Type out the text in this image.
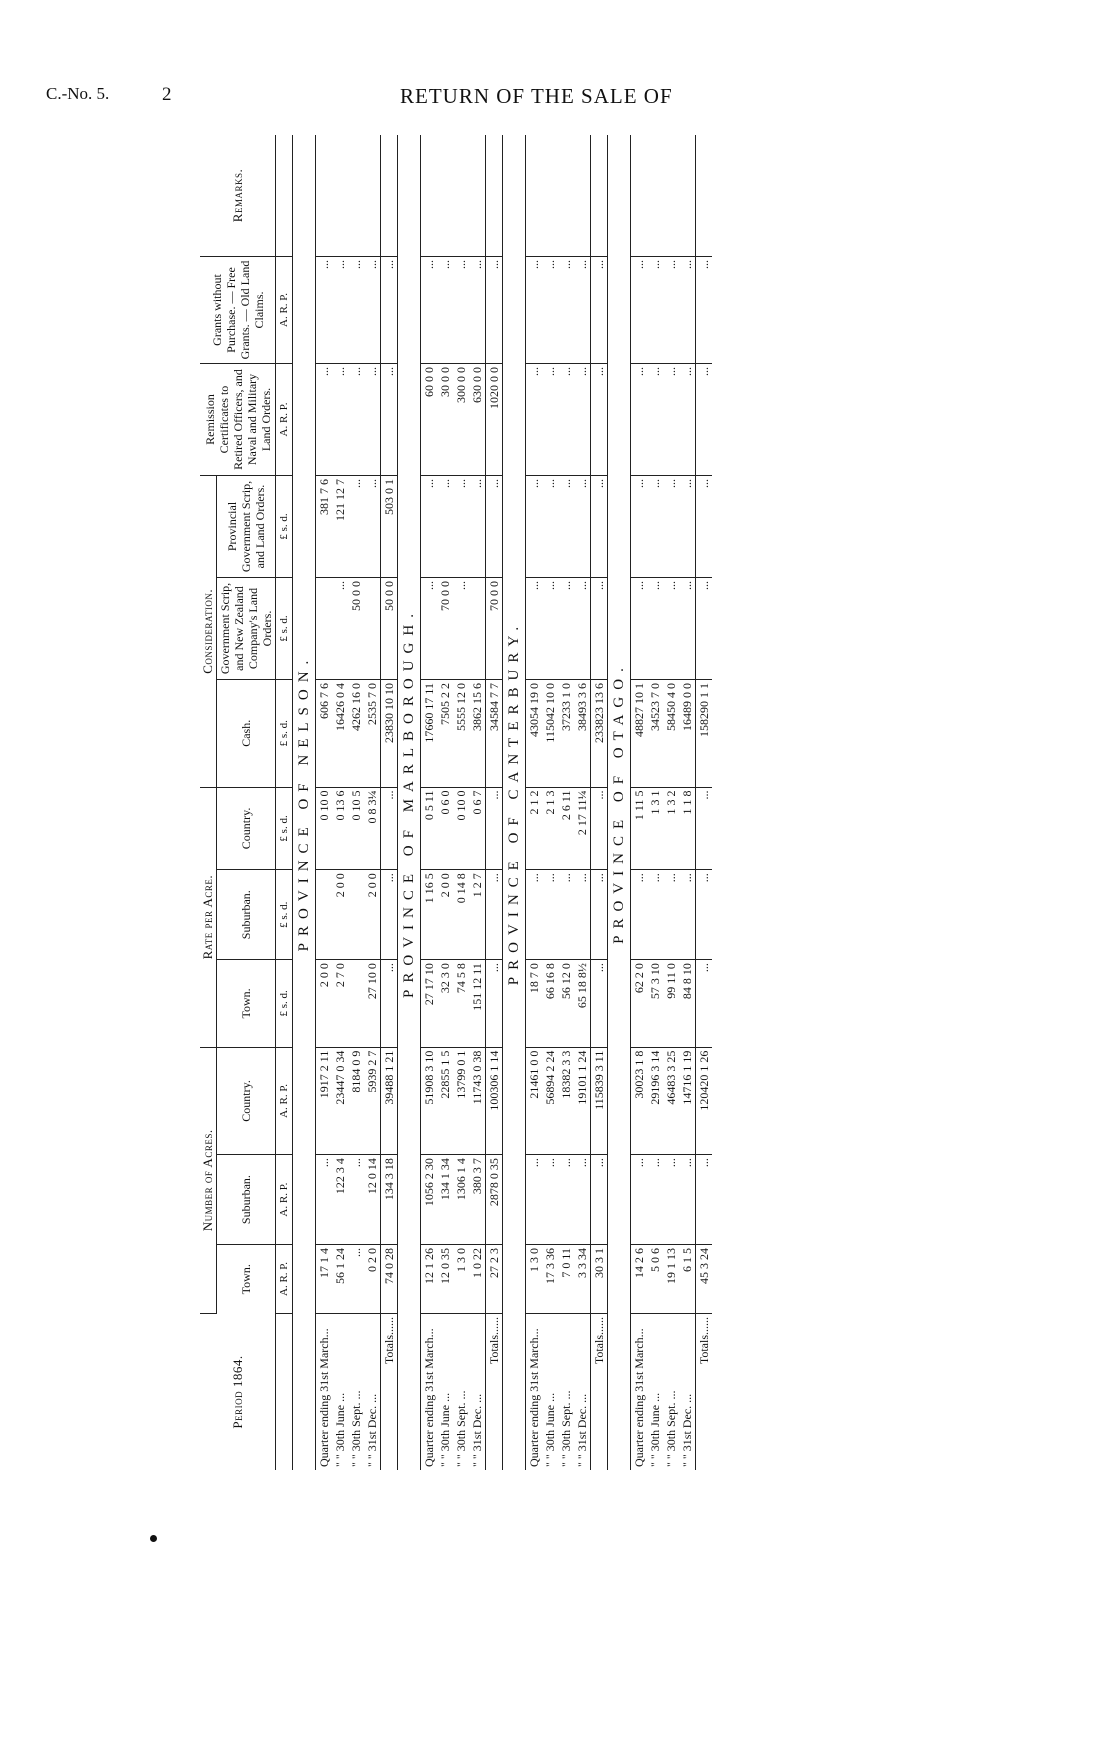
C.-No. 5.	2	RETURN OF THE SALE OF
Period 1864.	Number of Acres.			Rate per Acre.			Consideration.			Remission Certificates to Retired Officers, and Naval and Military Land Orders.	Grants without Purchase. — Free Grants. — Old Land Claims.	Remarks.
	Town.	Suburban.	Country.	Town.	Suburban.	Country.	Cash.	Government Scrip, and New Zealand Company's Land Orders.	Provincial Government Scrip, and Land Orders.			
	A. R. P.	A. R. P.	A. R. P.	£ s. d.	£ s. d.	£ s. d.	£ s. d.	£ s. d.	£ s. d.	A. R. P.	A. R. P.	
PROVINCE OF NELSON.												
Quarter ending 31st March...	17 1 4	...	1917 2 11	2 0 0		0 10 0	606 7 6		381 7 6	...	...	
" " 30th June ...	56 1 24	122 3 4	23447 0 34	2 7 0	2 0 0	0 13 6	16426 0 4	...	121 12 7	...	...	
" " 30th Sept. ...	...	...	8184 0 9			0 10 5	4262 16 0	50 0 0	...	...	...	
" " 31st Dec. ...	0 2 0	12 0 14	5939 2 7	27 10 0	2 0 0	0 8 3¼	2535 7 0		...	...	...	
Totals......	74 0 28	134 3 18	39488 1 21	...	...	...	23830 10 10	50 0 0	503 0 1	...	...	
PROVINCE OF MARLBOROUGH.												
Quarter ending 31st March...	12 1 26	1056 2 30	51908 3 10	27 17 10	1 16 5	0 5 11	17660 17 11	...	...	60 0 0	...	
" " 30th June ...	12 0 35	134 1 34	22855 1 5	32 3 0	2 0 0	0 6 0	7505 2 2	70 0 0	...	30 0 0	...	
" " 30th Sept. ...	1 3 0	1306 1 4	13799 0 1	74 5 8	0 14 8	0 10 0	5555 12 0	...	...	300 0 0	...	
" " 31st Dec. ...	1 0 22	380 3 7	11743 0 38	151 12 11	1 2 7	0 6 7	3862 15 6		...	630 0 0	...	
Totals......	27 2 3	2878 0 35	100306 1 14	...	...	...	34584 7 7	70 0 0	...	1020 0 0	...	
PROVINCE OF CANTERBURY.												
Quarter ending 31st March...	1 3 0	...	21461 0 0	18 7 0	...	2 1 2	43054 19 0	...	...	...	...	
" " 30th June ...	17 3 36	...	56894 2 24	66 16 8	...	2 1 3	115042 10 0	...	...	...	...	
" " 30th Sept. ...	7 0 11	...	18382 3 3	56 12 0	...	2 6 11	37233 1 0	...	...	...	...	
" " 31st Dec. ...	3 3 34	...	19101 1 24	65 18 8½	...	2 17 11¼	38493 3 6	...	...	...	...	
Totals......	30 3 1	...	115839 3 11	...	...	...	233823 13 6	...	...	...	...	
PROVINCE OF OTAGO.												
Quarter ending 31st March...	14 2 6	...	30023 1 8	62 2 0	...	1 11 5	48827 10 1	...	...	...	...	
" " 30th June ...	5 0 6	...	29196 3 14	57 3 10	...	1 3 1	34523 7 0	...	...	...	...	
" " 30th Sept. ...	19 1 13	...	46483 3 25	99 11 0	...	1 3 2	58450 4 0	...	...	...	...	
" " 31st Dec. ...	6 1 5	...	14716 1 19	84 8 10	...	1 1 8	16489 0 0	...	...	...	...	
Totals......	45 3 24	...	120420 1 26	...	...	...	158290 1 1	...	...	...	...	
